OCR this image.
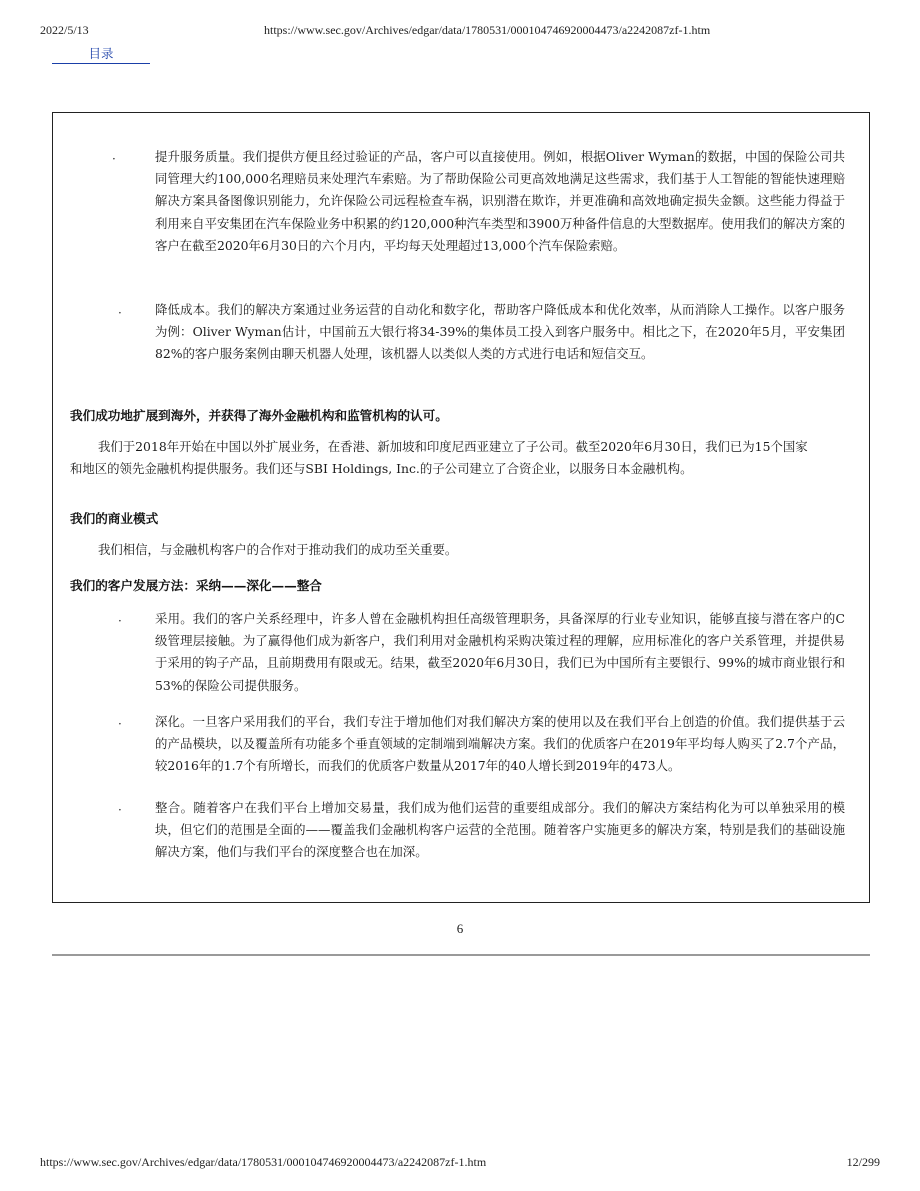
2022/5/13	https://www.sec.gov/Archives/edgar/data/1780531/000104746920004473/a2242087zf-1.htm
目录
·	提升服务质量。我们提供方便且经过验证的产品，客户可以直接使用。例如，根据Oliver Wyman的数据，中国的保险公司共同管理大约100,000名理赔员来处理汽车索赔。为了帮助保险公司更高效地满足这些需求，我们基于人工智能的智能快速理赔解决方案具备图像识别能力，允许保险公司远程检查车祸，识别潜在欺诈，并更准确和高效地确定损失金额。这些能力得益于利用来自平安集团在汽车保险业务中积累的约120,000种汽车类型和3900万种备件信息的大型数据库。使用我们的解决方案的客户在截至2020年6月30日的六个月内，平均每天处理超过13,000个汽车保险索赔。

·	降低成本。我们的解决方案通过业务运营的自动化和数字化，帮助客户降低成本和优化效率，从而消除人工操作。以客户服务为例：Oliver Wyman估计，中国前五大银行将34-39%的集体员工投入到客户服务中。相比之下，在2020年5月，平安集团82%的客户服务案例由聊天机器人处理，该机器人以类似人类的方式进行电话和短信交互。

我们成功地扩展到海外，并获得了海外金融机构和监管机构的认可。

我们于2018年开始在中国以外扩展业务，在香港、新加坡和印度尼西亚建立了子公司。截至2020年6月30日，我们已为15个国家和地区的领先金融机构提供服务。我们还与SBI Holdings, Inc.的子公司建立了合资企业，以服务日本金融机构。

我们的商业模式

我们相信，与金融机构客户的合作对于推动我们的成功至关重要。

我们的客户发展方法：采纳——深化——整合
·	采用。我们的客户关系经理中，许多人曾在金融机构担任高级管理职务，具备深厚的行业专业知识，能够直接与潜在客户的C级管理层接触。为了赢得他们成为新客户，我们利用对金融机构采购决策过程的理解，应用标准化的客户关系管理，并提供易于采用的钩子产品，且前期费用有限或无。结果，截至2020年6月30日，我们已为中国所有主要银行、99%的城市商业银行和53%的保险公司提供服务。

·	深化。一旦客户采用我们的平台，我们专注于增加他们对我们解决方案的使用以及在我们平台上创造的价值。我们提供基于云的产品模块，以及覆盖所有功能多个垂直领域的定制端到端解决方案。我们的优质客户在2019年平均每人购买了2.7个产品，较2016年的1.7个有所增长，而我们的优质客户数量从2017年的40人增长到2019年的473人。

·	整合。随着客户在我们平台上增加交易量，我们成为他们运营的重要组成部分。我们的解决方案结构化为可以单独采用的模块，但它们的范围是全面的——覆盖我们金融机构客户运营的全范围。随着客户实施更多的解决方案，特别是我们的基础设施解决方案，他们与我们平台的深度整合也在加深。

6
https://www.sec.gov/Archives/edgar/data/1780531/000104746920004473/a2242087zf-1.htm	12/299
